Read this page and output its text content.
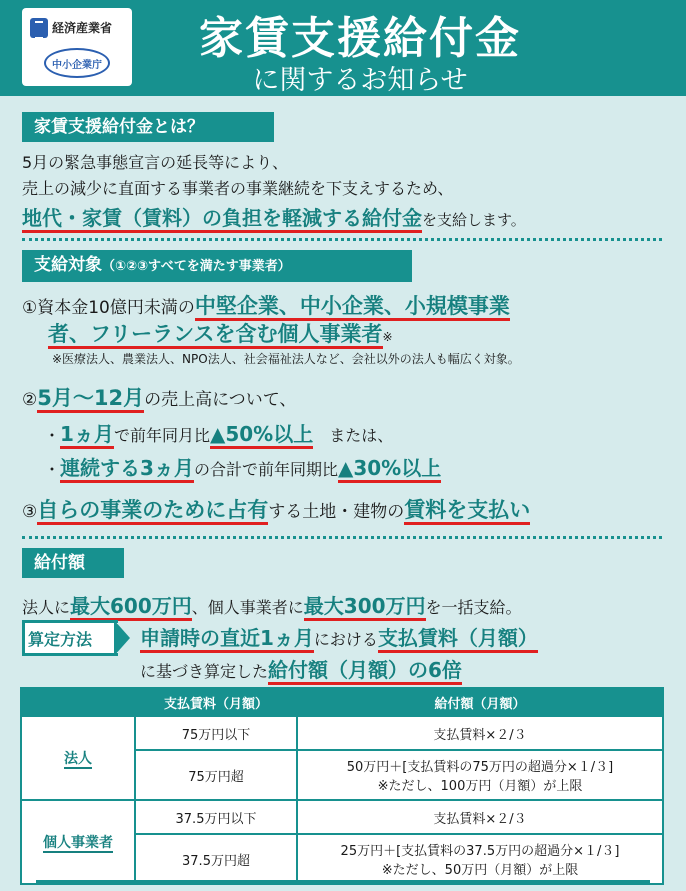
経済産業省
中小企業庁
家賃支援給付金
に関するお知らせ
家賃支援給付金とは？
5月の緊急事態宣言の延長等により、
売上の減少に直面する事業者の事業継続を下支えするため、
地代・家賃（賃料）の負担を軽減する給付金を支給します。
支給対象（①②③すべてを満たす事業者）
①資本金10億円未満の中堅企業、中小企業、小規模事業
者、フリーランスを含む個人事業者※
※医療法人、農業法人、NPO法人、社会福祉法人など、会社以外の法人も幅広く対象。
②5月～12月の売上高について、
・1ヵ月で前年同月比▲50%以上　または、
・連続する3ヵ月の合計で前年同期比▲30%以上
③自らの事業のために占有する土地・建物の賃料を支払い
給付額
法人に最大600万円、個人事業者に最大300万円を一括支給。
算定方法 申請時の直近1ヵ月における支払賃料（月額）
に基づき算定した給付額（月額）の6倍
	支払賃料（月額）	給付額（月額）
法人	75万円以下	支払賃料×２/３
	75万円超	50万円＋[支払賃料の75万円の超過分×１/３]
※ただし、100万円（月額）が上限

個人事業者	37.5万円以下	支払賃料×２/３
	37.5万円超	25万円＋[支払賃料の37.5万円の超過分×１/３]
※ただし、50万円（月額）が上限
